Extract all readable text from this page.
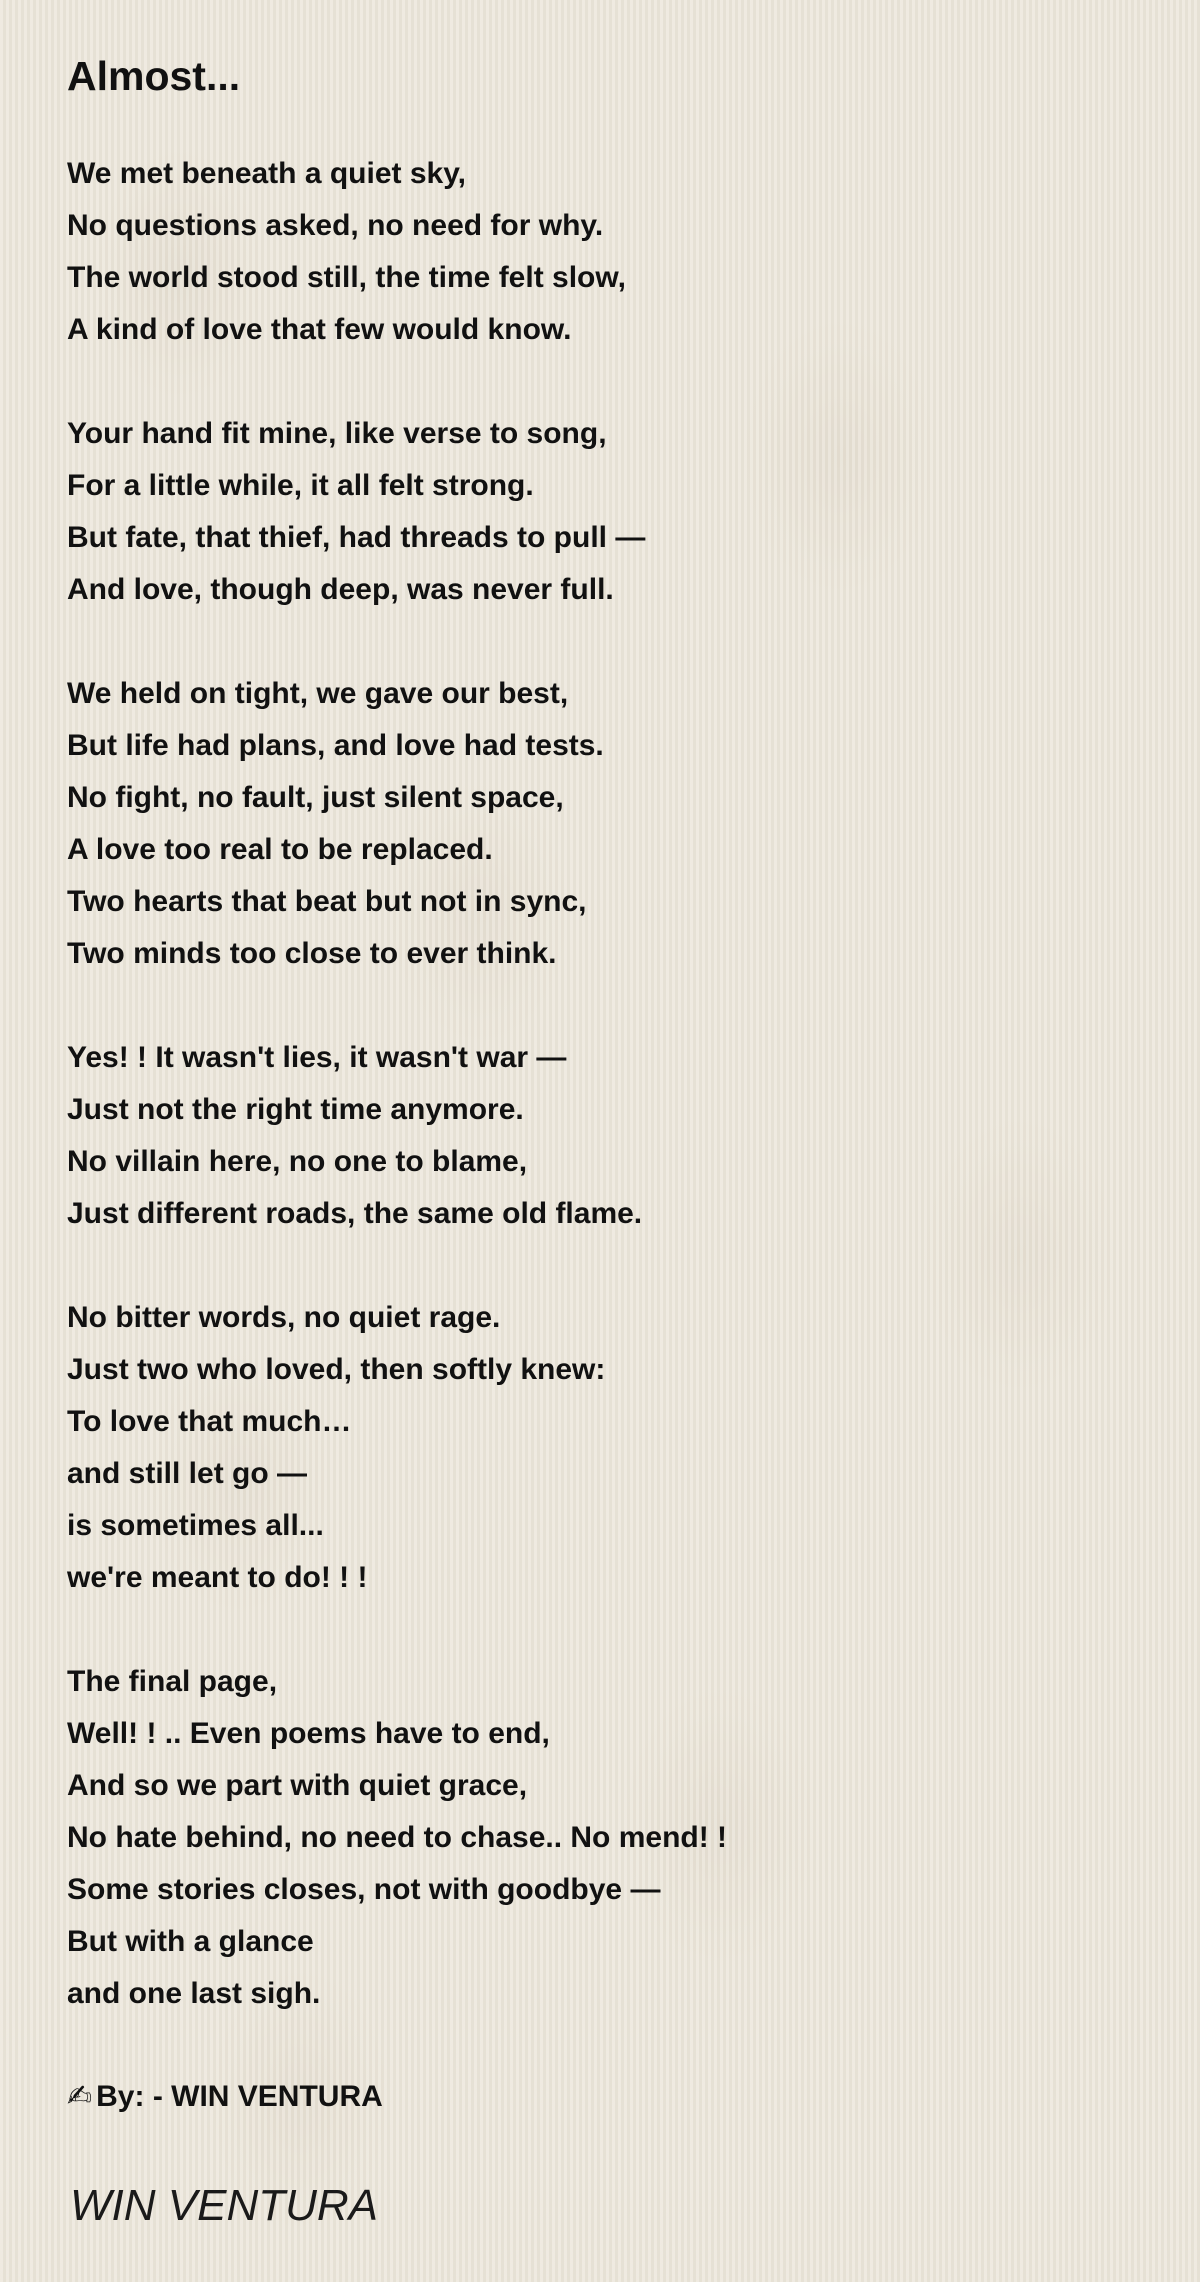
Almost...
We met beneath a quiet sky,
No questions asked, no need for why.
The world stood still, the time felt slow,
A kind of love that few would know.
Your hand fit mine, like verse to song,
For a little while, it all felt strong.
But fate, that thief, had threads to pull —
And love, though deep, was never full.
We held on tight, we gave our best,
But life had plans, and love had tests.
No fight, no fault, just silent space,
A love too real to be replaced.
Two hearts that beat but not in sync,
Two minds too close to ever think.
Yes! ! It wasn't lies, it wasn't war —
Just not the right time anymore.
No villain here, no one to blame,
Just different roads, the same old flame.
No bitter words, no quiet rage.
Just two who loved, then softly knew:
To love that much…
and still let go —
is sometimes all...
we're meant to do! ! !
The final page,
Well! ! .. Even poems have to end,
And so we part with quiet grace,
No hate behind, no need to chase.. No mend! !
Some stories closes, not with goodbye —
But with a glance
and one last sigh.
✍ By: - WIN VENTURA
WIN VENTURA
